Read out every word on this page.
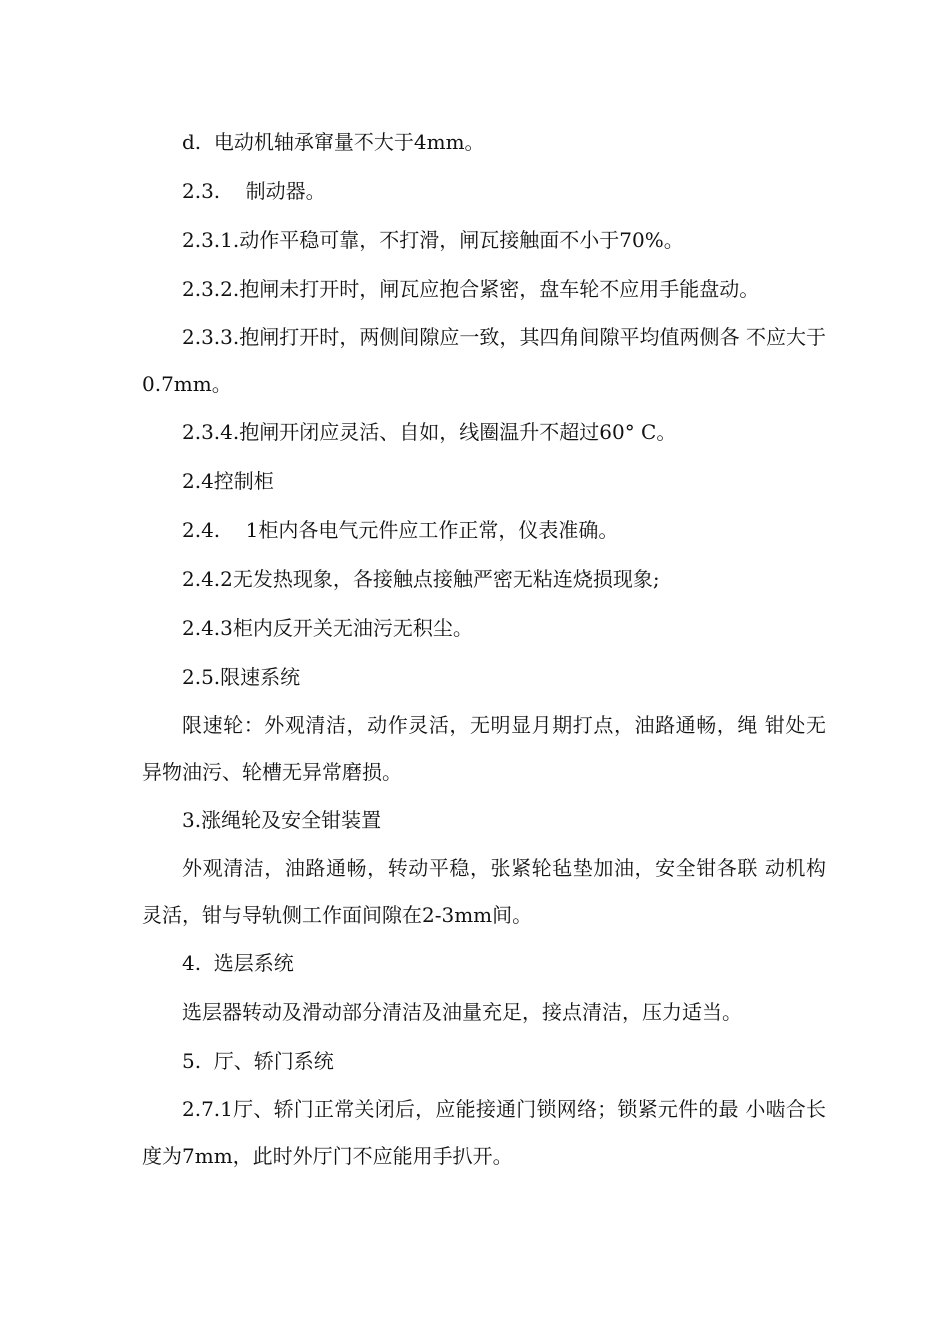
d.  电动机轴承窜量不大于4mm。

2.3.    制动器。

2.3.1.动作平稳可靠，不打滑，闸瓦接触面不小于70%。

2.3.2.抱闸未打开时，闸瓦应抱合紧密，盘车轮不应用手能盘动。

2.3.3.抱闸打开时，两侧间隙应一致，其四角间隙平均值两侧各 不应大于0.7mm。

2.3.4.抱闸开闭应灵活、自如，线圈温升不超过60° C。

2.4控制柜

2.4.    1柜内各电气元件应工作正常，仪表准确。

2.4.2无发热现象，各接触点接触严密无粘连烧损现象;

2.4.3柜内反开关无油污无积尘。

2.5.限速系统

限速轮：外观清洁，动作灵活，无明显月期打点，油路通畅，绳 钳处无异物油污、轮槽无异常磨损。

3.涨绳轮及安全钳装置

外观清洁，油路通畅，转动平稳，张紧轮毡垫加油，安全钳各联 动机构灵活，钳与导轨侧工作面间隙在2-3mm间。

4.  选层系统

选层器转动及滑动部分清洁及油量充足，接点清洁，压力适当。

5.  厅、轿门系统

2.7.1厅、轿门正常关闭后，应能接通门锁网络；锁紧元件的最 小啮合长度为7mm，此时外厅门不应能用手扒开。
